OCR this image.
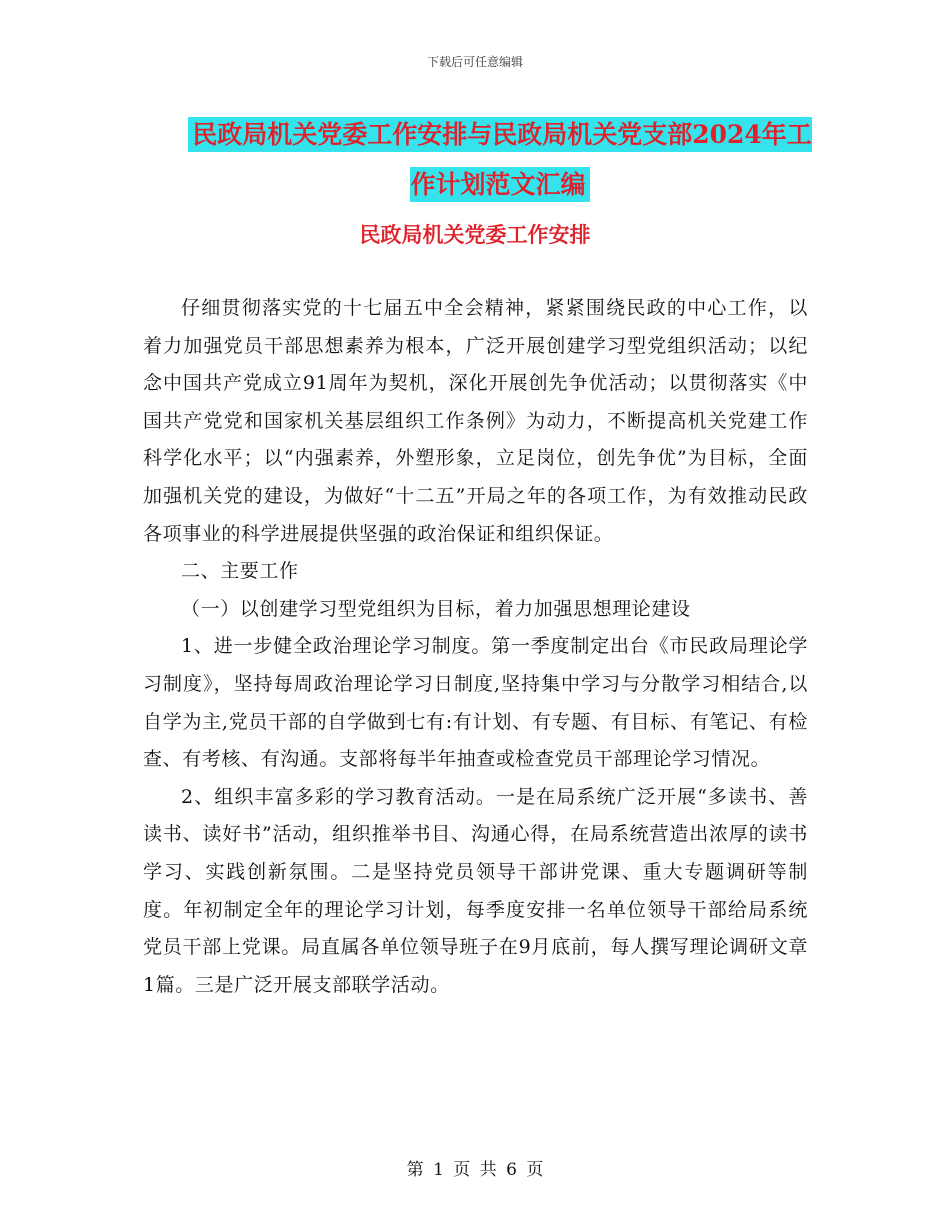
下载后可任意编辑
民政局机关党委工作安排与民政局机关党支部2024年工作计划范文汇编
民政局机关党委工作安排

仔细贯彻落实党的十七届五中全会精神，紧紧围绕民政的中心工作，以着力加强党员干部思想素养为根本，广泛开展创建学习型党组织活动；以纪念中国共产党成立91周年为契机，深化开展创先争优活动；以贯彻落实《中国共产党党和国家机关基层组织工作条例》为动力，不断提高机关党建工作科学化水平；以“内强素养，外塑形象，立足岗位，创先争优”为目标，全面加强机关党的建设，为做好“十二五”开局之年的各项工作，为有效推动民政各项事业的科学进展提供坚强的政治保证和组织保证。

二、主要工作

（一）以创建学习型党组织为目标，着力加强思想理论建设

1、进一步健全政治理论学习制度。第一季度制定出台《市民政局理论学习制度》，坚持每周政治理论学习日制度,坚持集中学习与分散学习相结合,以自学为主,党员干部的自学做到七有:有计划、有专题、有目标、有笔记、有检查、有考核、有沟通。支部将每半年抽查或检查党员干部理论学习情况。

2、组织丰富多彩的学习教育活动。一是在局系统广泛开展“多读书、善读书、读好书”活动，组织推举书目、沟通心得，在局系统营造出浓厚的读书学习、实践创新氛围。二是坚持党员领导干部讲党课、重大专题调研等制度。年初制定全年的理论学习计划，每季度安排一名单位领导干部给局系统党员干部上党课。局直属各单位领导班子在9月底前，每人撰写理论调研文章1篇。三是广泛开展支部联学活动。

第 1 页 共 6 页
